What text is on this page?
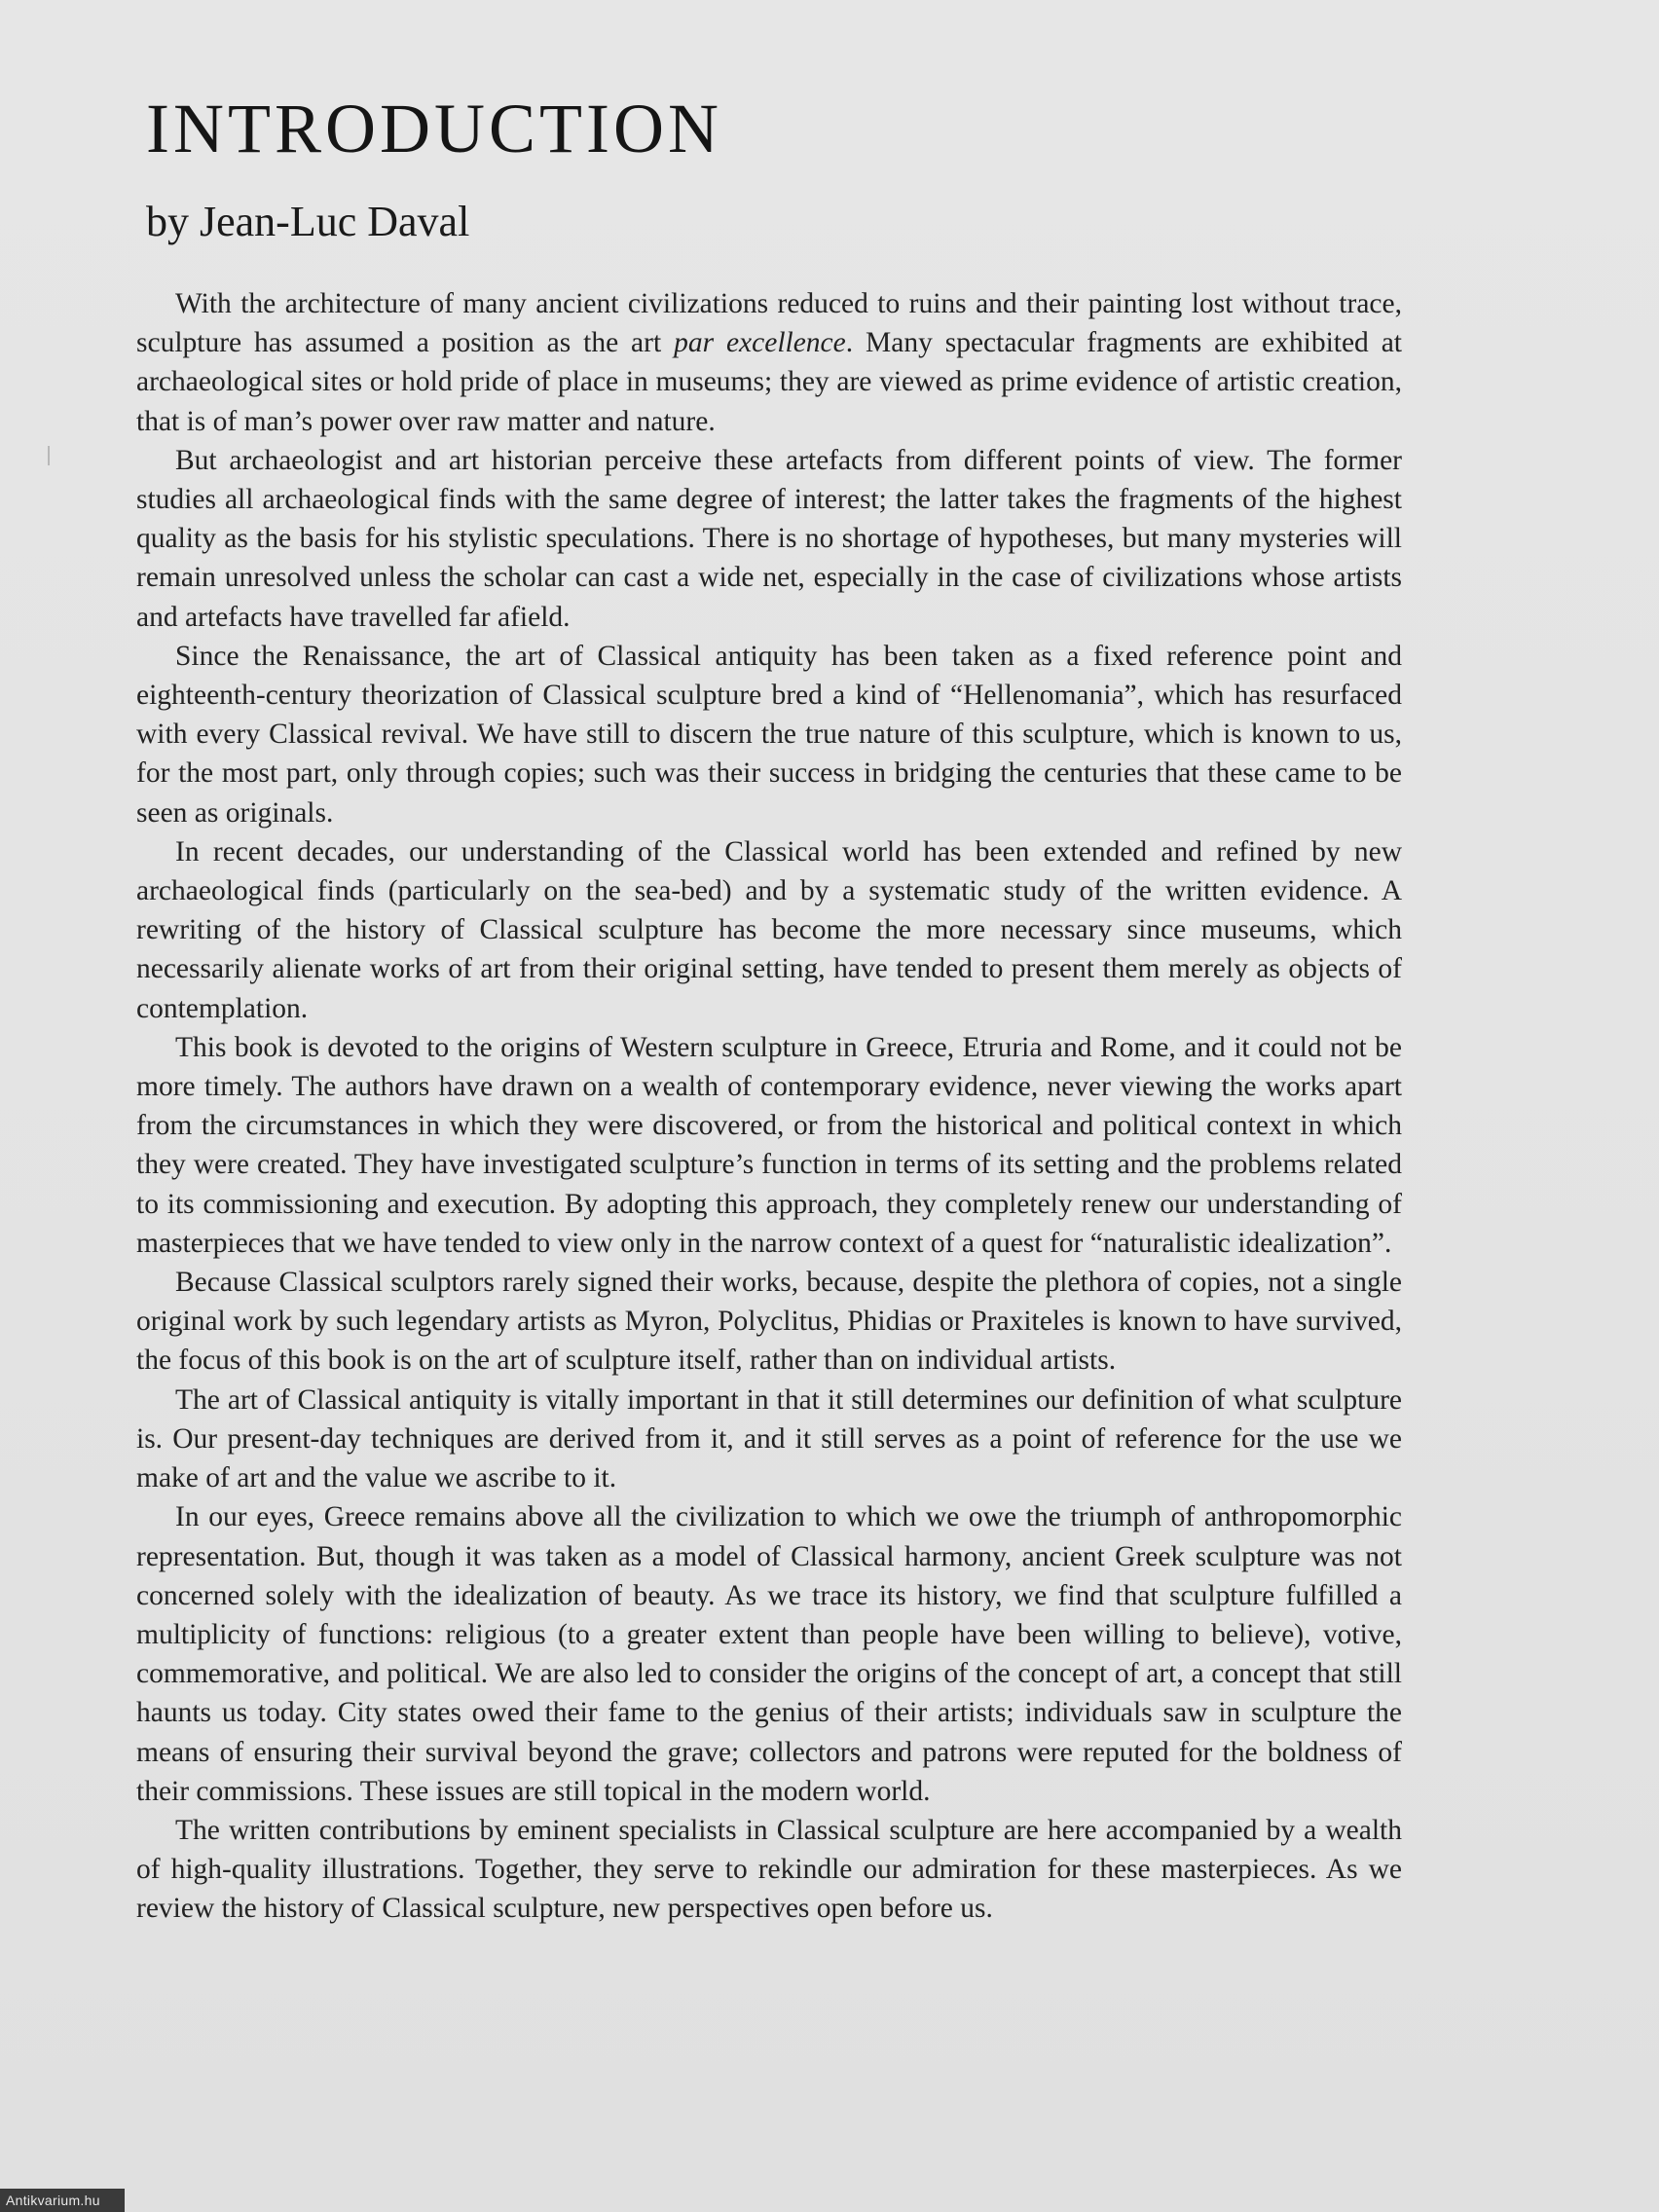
INTRODUCTION
by Jean-Luc Daval

With the architecture of many ancient civilizations reduced to ruins and their painting lost without trace, sculpture has assumed a position as the art par excellence. Many spectacular fragments are exhibited at archaeological sites or hold pride of place in museums; they are viewed as prime evidence of artistic creation, that is of man’s power over raw matter and nature.

But archaeologist and art historian perceive these artefacts from different points of view. The former studies all archaeological finds with the same degree of interest; the latter takes the fragments of the highest quality as the basis for his stylistic speculations. There is no shortage of hypotheses, but many mysteries will remain unresolved unless the scholar can cast a wide net, especially in the case of civilizations whose artists and artefacts have travelled far afield.

Since the Renaissance, the art of Classical antiquity has been taken as a fixed reference point and eighteenth-century theorization of Classical sculpture bred a kind of “Hellenomania”, which has resurfaced with every Classical revival. We have still to discern the true nature of this sculpture, which is known to us, for the most part, only through copies; such was their success in bridging the centuries that these came to be seen as originals.

In recent decades, our understanding of the Classical world has been extended and refined by new archaeological finds (particularly on the sea-bed) and by a systematic study of the written evidence. A rewriting of the history of Classical sculpture has become the more necessary since museums, which necessarily alienate works of art from their original setting, have tended to present them merely as objects of contemplation.

This book is devoted to the origins of Western sculpture in Greece, Etruria and Rome, and it could not be more timely. The authors have drawn on a wealth of contemporary evidence, never viewing the works apart from the circumstances in which they were discovered, or from the historical and political context in which they were created. They have investigated sculpture’s function in terms of its setting and the problems related to its commissioning and execution. By adopting this approach, they completely renew our understanding of masterpieces that we have tended to view only in the narrow context of a quest for “naturalistic idealization”.

Because Classical sculptors rarely signed their works, because, despite the plethora of copies, not a single original work by such legendary artists as Myron, Polyclitus, Phidias or Praxiteles is known to have survived, the focus of this book is on the art of sculpture itself, rather than on individual artists.

The art of Classical antiquity is vitally important in that it still determines our definition of what sculpture is. Our present-day techniques are derived from it, and it still serves as a point of reference for the use we make of art and the value we ascribe to it.

In our eyes, Greece remains above all the civilization to which we owe the triumph of anthropomorphic representation. But, though it was taken as a model of Classical harmony, ancient Greek sculpture was not concerned solely with the idealization of beauty. As we trace its history, we find that sculpture fulfilled a multiplicity of functions: religious (to a greater extent than people have been willing to believe), votive, commemorative, and political. We are also led to consider the origins of the concept of art, a concept that still haunts us today. City states owed their fame to the genius of their artists; individuals saw in sculpture the means of ensuring their survival beyond the grave; collectors and patrons were reputed for the boldness of their commissions. These issues are still topical in the modern world.

The written contributions by eminent specialists in Classical sculpture are here accompanied by a wealth of high-quality illustrations. Together, they serve to rekindle our admiration for these masterpieces. As we review the history of Classical sculpture, new perspectives open before us.

Antikvarium.hu
